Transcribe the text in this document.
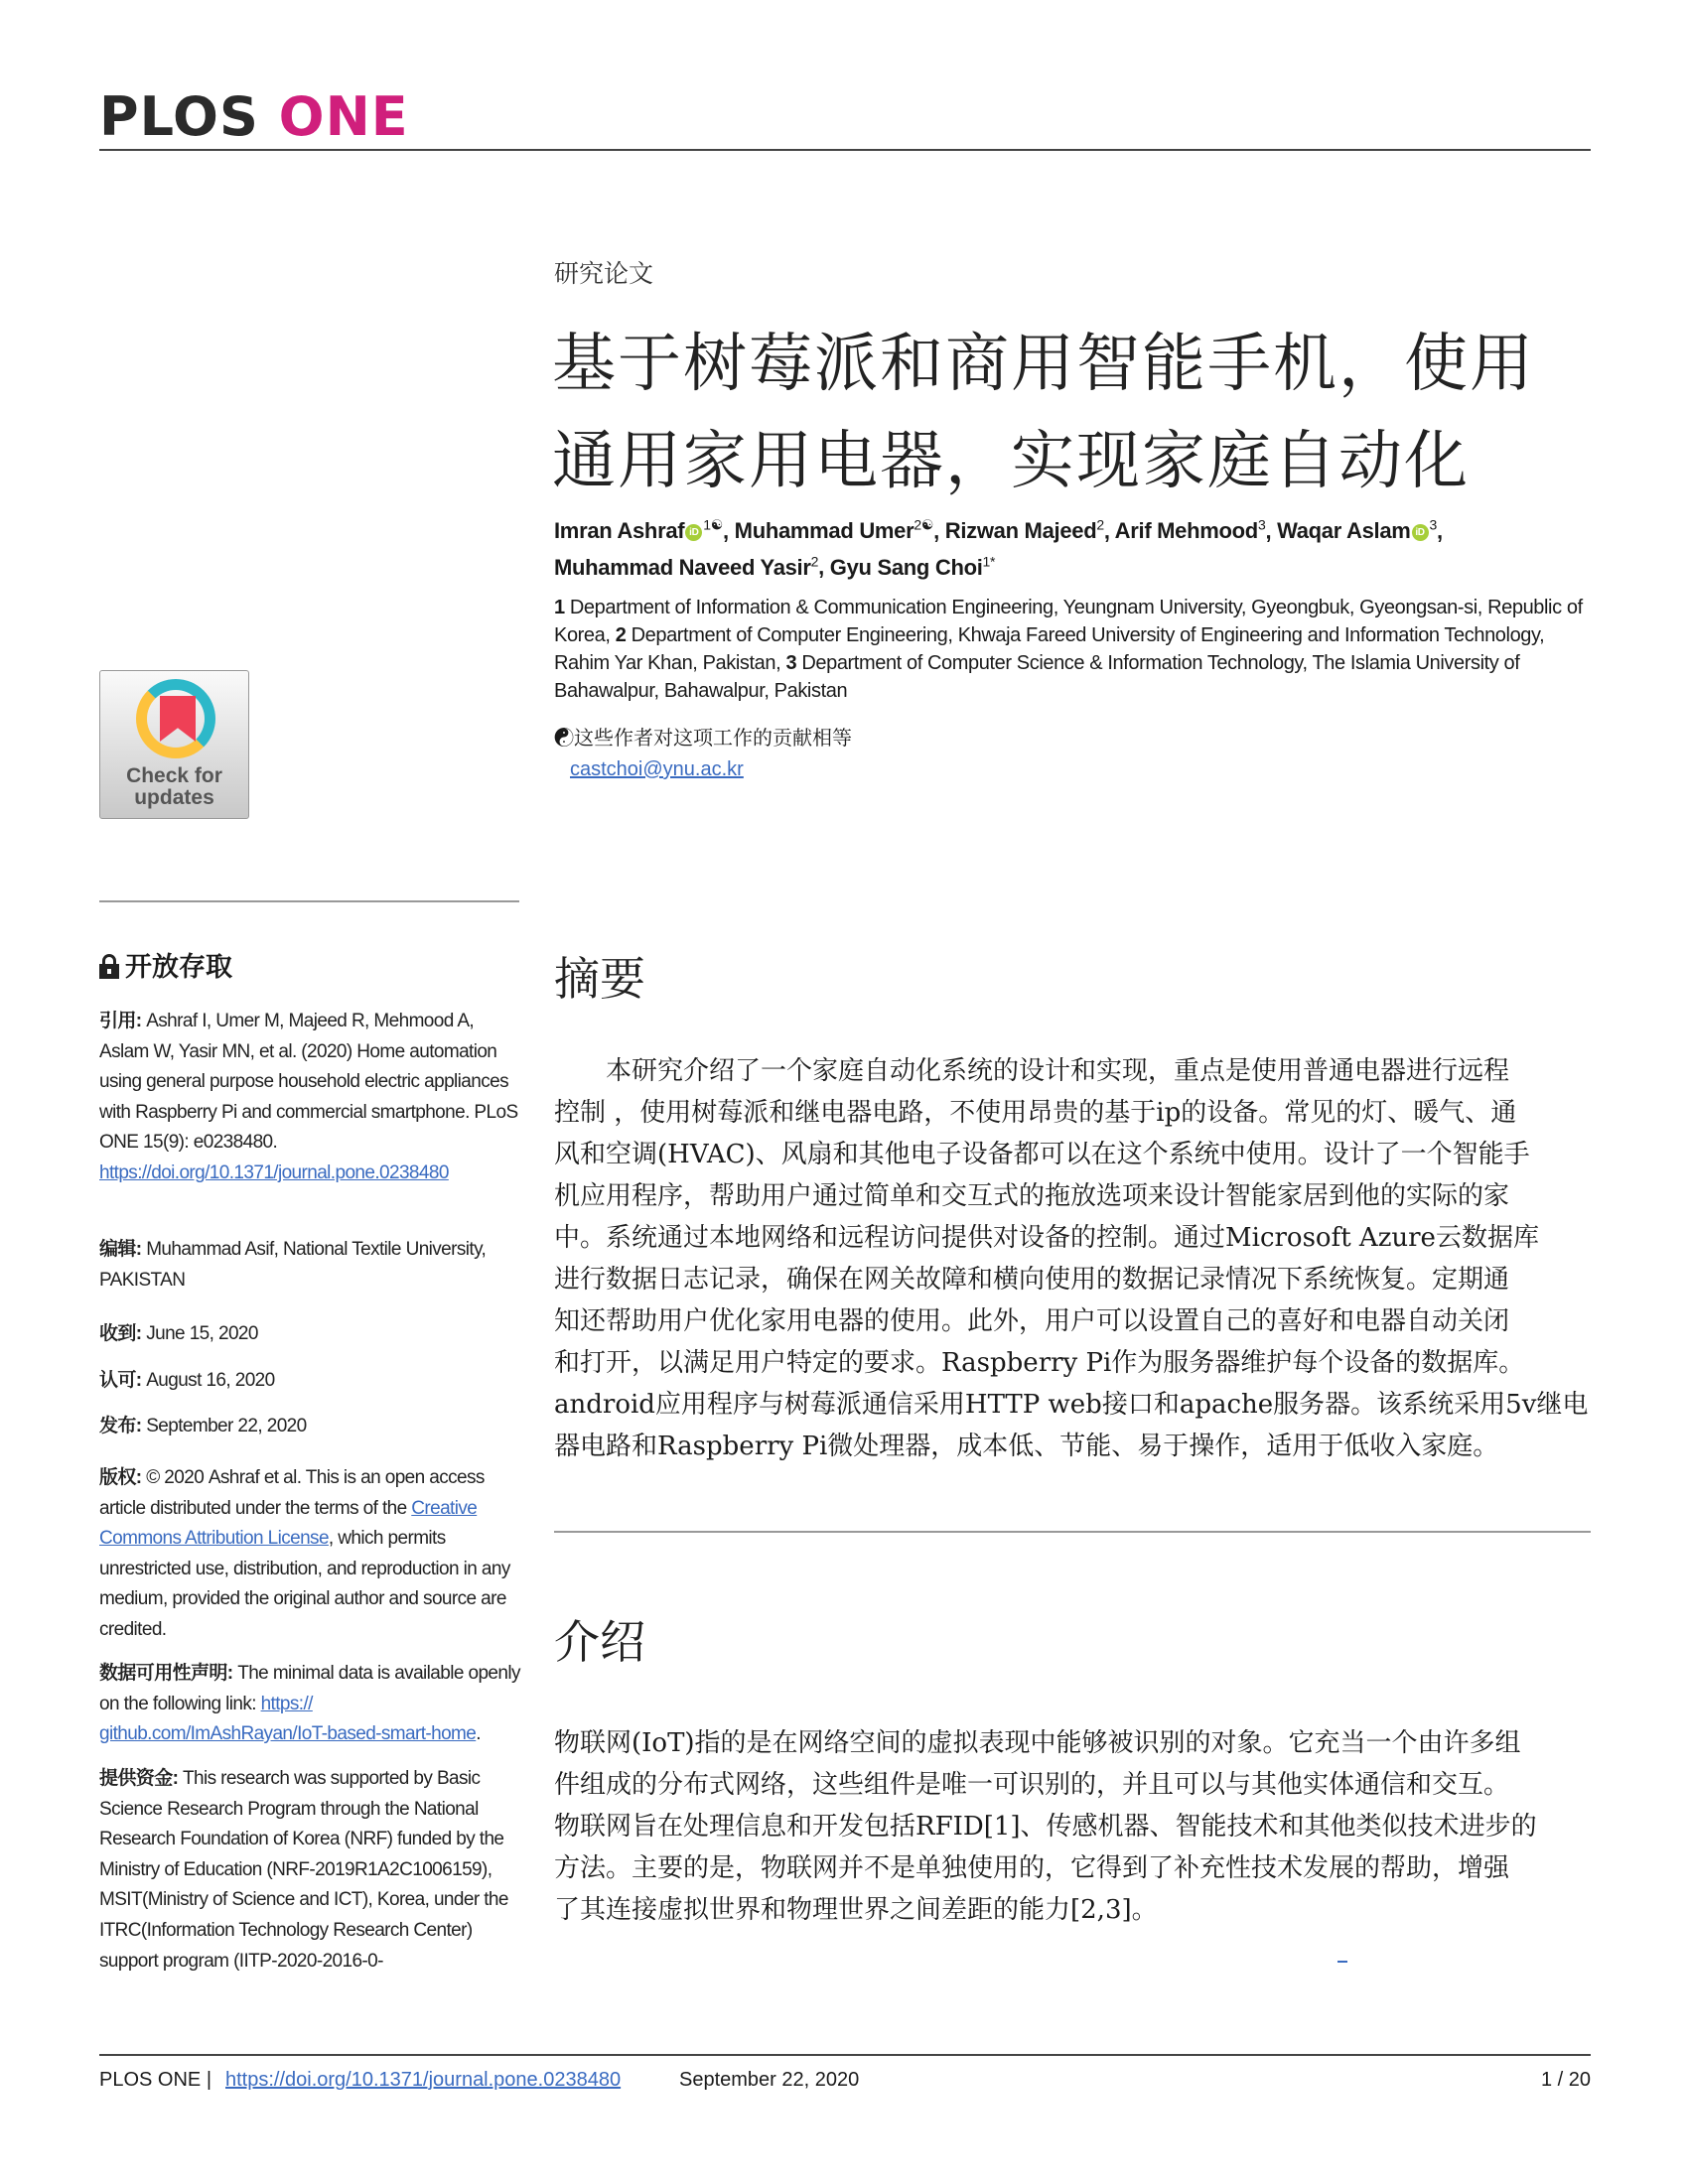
PLOS ONE
研究论文
基于树莓派和商用智能手机，使用
通用家用电器，实现家庭自动化
Imran Ashraf iD $^{1☯}$, Muhammad Umer$^{2☯}$, Rizwan Majeed$^2$, Arif Mehmood$^3$, Waqar Aslam iD $^3$,
Muhammad Naveed Yasir$^2$, Gyu Sang Choi$^{1*}$
1 Department of Information & Communication Engineering, Yeungnam University, Gyeongbuk, Gyeongsan-si, Republic of Korea, 2 Department of Computer Engineering, Khwaja Fareed University of Engineering and Information Technology, Rahim Yar Khan, Pakistan, 3 Department of Computer Science & Information Technology, The Islamia University of Bahawalpur, Bahawalpur, Pakistan
☯这些作者对这项工作的贡献相等
castchoi@ynu.ac.kr
Check for
updates
开放存取
引用: Ashraf I, Umer M, Majeed R, Mehmood A, Aslam W, Yasir MN, et al. (2020) Home automation using general purpose household electric appliances with Raspberry Pi and commercial smartphone. PLoS ONE 15(9): e0238480. https://doi.org/10.1371/journal.pone.0238480
编辑: Muhammad Asif, National Textile University, PAKISTAN
收到: June 15, 2020
认可: August 16, 2020
发布: September 22, 2020
版权: © 2020 Ashraf et al. This is an open access article distributed under the terms of the Creative Commons Attribution License, which permits unrestricted use, distribution, and reproduction in any medium, provided the original author and source are credited.
数据可用性声明: The minimal data is available openly on the following link: https:// github.com/ImAshRayan/IoT-based-smart-home.
提供资金: This research was supported by Basic Science Research Program through the National Research Foundation of Korea (NRF) funded by the Ministry of Education (NRF-2019R1A2C1006159), MSIT(Ministry of Science and ICT), Korea, under the ITRC(Information Technology Research Center) support program (IITP-2020-2016-0-
摘要
　　本研究介绍了一个家庭自动化系统的设计和实现，重点是使用普通电器进行远程
控制 ，使用树莓派和继电器电路，不使用昂贵的基于ip的设备。常见的灯、暖气、通
风和空调(HVAC)、风扇和其他电子设备都可以在这个系统中使用。设计了一个智能手
机应用程序，帮助用户通过简单和交互式的拖放选项来设计智能家居到他的实际的家
中。系统通过本地网络和远程访问提供对设备的控制。通过Microsoft Azure云数据库
进行数据日志记录，确保在网关故障和横向使用的数据记录情况下系统恢复。定期通
知还帮助用户优化家用电器的使用。此外，用户可以设置自己的喜好和电器自动关闭
和打开，以满足用户特定的要求。Raspberry Pi作为服务器维护每个设备的数据库。
android应用程序与树莓派通信采用HTTP web接口和apache服务器。该系统采用5v继电
器电路和Raspberry Pi微处理器，成本低、节能、易于操作，适用于低收入家庭。
介绍
物联网(IoT)指的是在网络空间的虚拟表现中能够被识别的对象。它充当一个由许多组
件组成的分布式网络，这些组件是唯一可识别的，并且可以与其他实体通信和交互。
物联网旨在处理信息和开发包括RFID[1]、传感机器、智能技术和其他类似技术进步的
方法。主要的是，物联网并不是单独使用的，它得到了补充性技术发展的帮助，增强
了其连接虚拟世界和物理世界之间差距的能力[2,3]。
PLOS ONE | https://doi.org/10.1371/journal.pone.0238480	September 22, 2020	1 / 20
